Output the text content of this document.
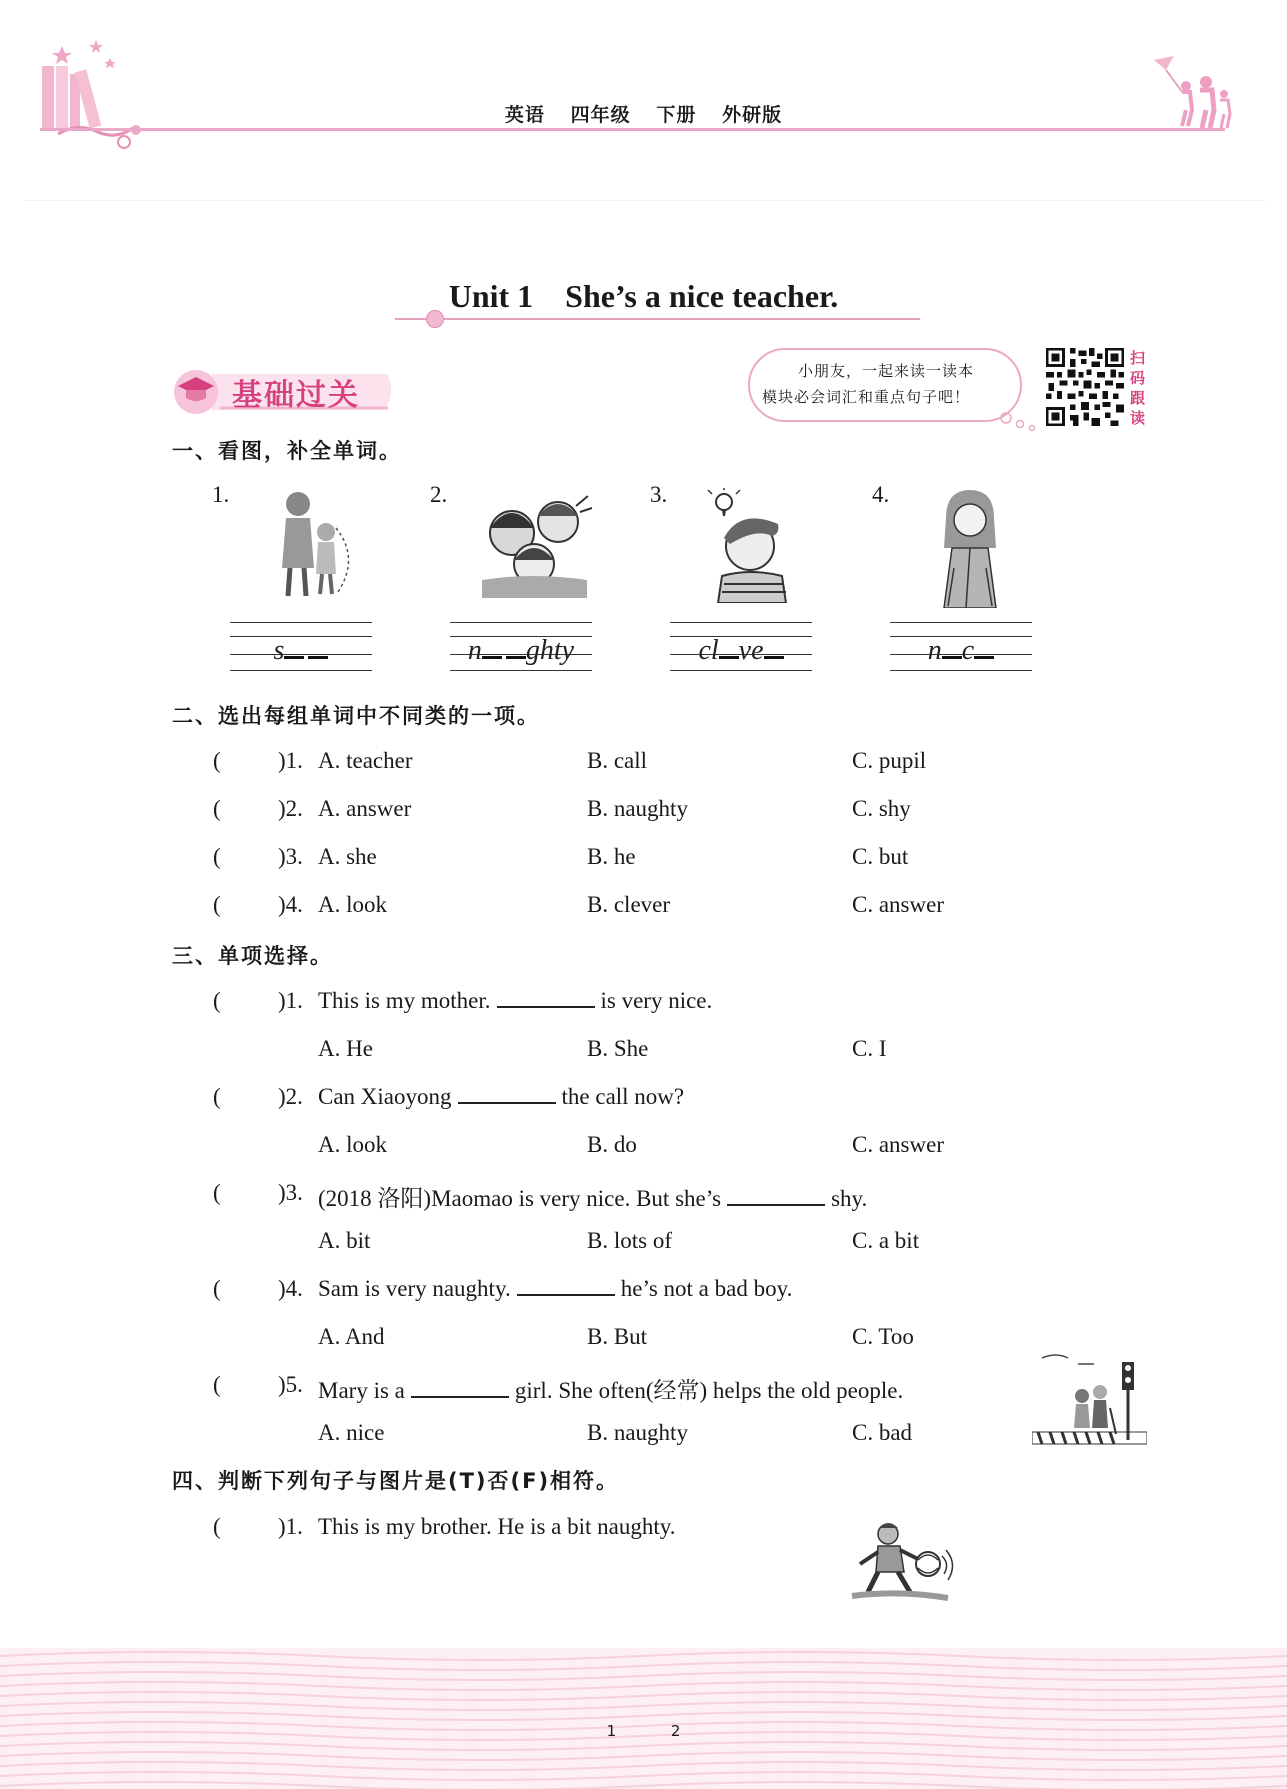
英语 四年级 下册 外研版
Unit 1    She’s a nice teacher.
基础过关
小朋友，一起来读一读本
模块必会词汇和重点句子吧！
扫
码
跟
读
一、看图，补全单词。
1.
s
2.
n ghty
3.
cl ve
4.
n c
二、选出每组单词中不同类的一项。
( )1. A. teacher	B. call	C. pupil
( )2. A. answer	B. naughty	C. shy
( )3. A. she	B. he	C. but
( )4. A. look	B. clever	C. answer
三、单项选择。
( )1. This is my mother.	is very nice.
A. He	B. She	C. I
( )2. Can Xiaoyong	the call now?
A. look	B. do	C. answer
( )3. (2018 洛阳)Maomao is very nice. But she’s	shy.
A. bit	B. lots of	C. a bit
( )4. Sam is very naughty.	he’s not a bad boy.
A. And	B. But	C. Too
( )5. Mary is a	girl. She often(经常) helps the old people.
A. nice	B. naughty	C. bad
四、判断下列句子与图片是(T)否(F)相符。
( )1. This is my brother. He is a bit naughty.
1	2
